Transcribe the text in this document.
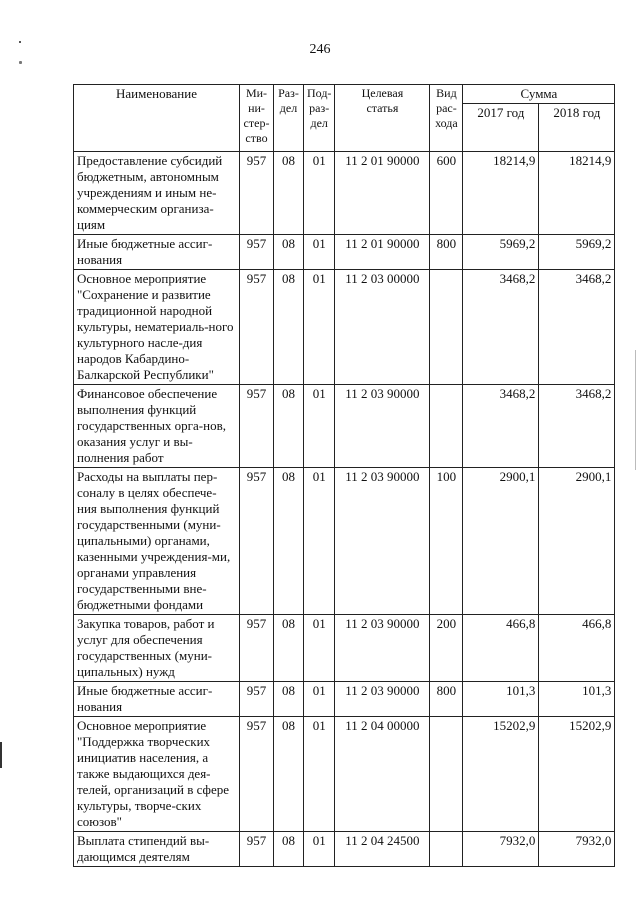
246
Наименование	Ми-
ни-
стер-
ство	Раз-
дел	Под-
раз-
дел	Целевая
статья	Вид
рас-
хода	Сумма	
						2017 год	2018 год
Предоставление субсидий бюджетным, автономным учреждениям и иным не-коммерческим организа-циям	957	08	01	11 2 01 90000	600	18214,9	18214,9
Иные бюджетные ассиг-нования	957	08	01	11 2 01 90000	800	5969,2	5969,2
Основное мероприятие "Сохранение и развитие традиционной народной культуры, нематериаль-ного культурного насле-дия народов Кабардино-Балкарской Республики"	957	08	01	11 2 03 00000		3468,2	3468,2
Финансовое обеспечение выполнения функций государственных орга-нов, оказания услуг и вы-полнения работ	957	08	01	11 2 03 90000		3468,2	3468,2
Расходы на выплаты пер-соналу в целях обеспече-ния выполнения функций государственными (муни-ципальными) органами, казенными учреждения-ми, органами управления государственными вне-бюджетными фондами	957	08	01	11 2 03 90000	100	2900,1	2900,1
Закупка товаров, работ и услуг для обеспечения государственных (муни-ципальных) нужд	957	08	01	11 2 03 90000	200	466,8	466,8
Иные бюджетные ассиг-нования	957	08	01	11 2 03 90000	800	101,3	101,3
Основное мероприятие "Поддержка творческих инициатив населения, а также выдающихся дея-телей, организаций в сфере культуры, творче-ских союзов"	957	08	01	11 2 04 00000		15202,9	15202,9
Выплата стипендий вы-дающимся деятелям	957	08	01	11 2 04 24500		7932,0	7932,0
